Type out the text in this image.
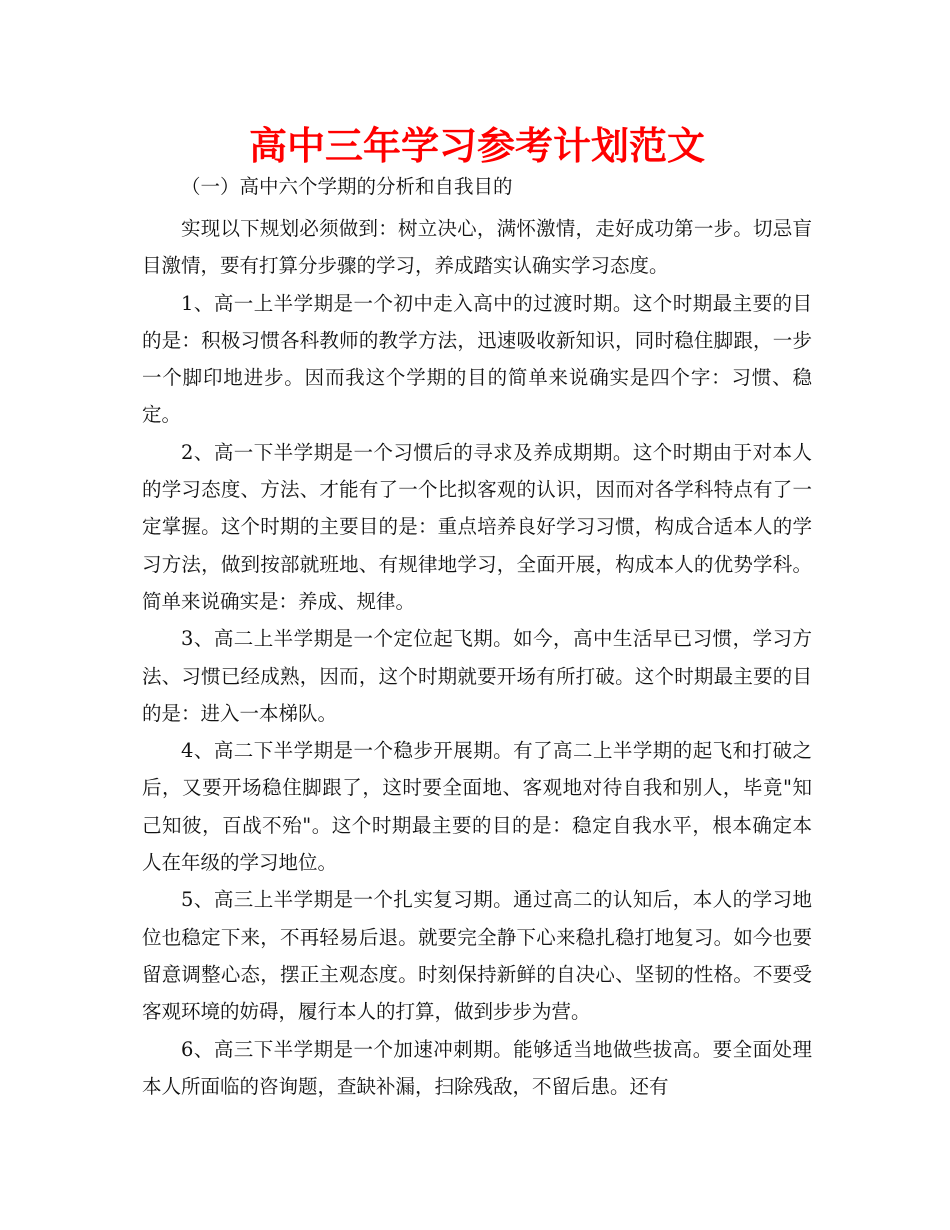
高中三年学习参考计划范文

（一）高中六个学期的分析和自我目的

实现以下规划必须做到：树立决心，满怀激情，走好成功第一步。切忌盲目激情，要有打算分步骤的学习，养成踏实认确实学习态度。

1、高一上半学期是一个初中走入高中的过渡时期。这个时期最主要的目的是：积极习惯各科教师的教学方法，迅速吸收新知识，同时稳住脚跟，一步一个脚印地进步。因而我这个学期的目的简单来说确实是四个字：习惯、稳定。

2、高一下半学期是一个习惯后的寻求及养成期期。这个时期由于对本人的学习态度、方法、才能有了一个比拟客观的认识，因而对各学科特点有了一定掌握。这个时期的主要目的是：重点培养良好学习习惯，构成合适本人的学习方法，做到按部就班地、有规律地学习，全面开展，构成本人的优势学科。简单来说确实是：养成、规律。

3、高二上半学期是一个定位起飞期。如今，高中生活早已习惯，学习方法、习惯已经成熟，因而，这个时期就要开场有所打破。这个时期最主要的目的是：进入一本梯队。

4、高二下半学期是一个稳步开展期。有了高二上半学期的起飞和打破之后，又要开场稳住脚跟了，这时要全面地、客观地对待自我和别人，毕竟"知己知彼，百战不殆"。这个时期最主要的目的是：稳定自我水平，根本确定本人在年级的学习地位。

5、高三上半学期是一个扎实复习期。通过高二的认知后，本人的学习地位也稳定下来，不再轻易后退。就要完全静下心来稳扎稳打地复习。如今也要留意调整心态，摆正主观态度。时刻保持新鲜的自决心、坚韧的性格。不要受客观环境的妨碍，履行本人的打算，做到步步为营。

6、高三下半学期是一个加速冲刺期。能够适当地做些拔高。要全面处理本人所面临的咨询题，查缺补漏，扫除残敌，不留后患。还有
